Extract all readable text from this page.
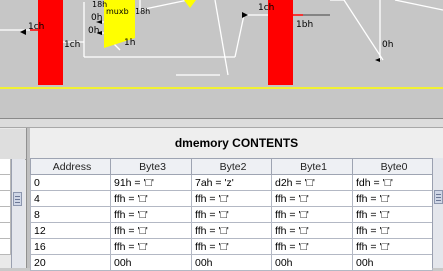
1ch
1ch
18h
0h
muxb 18h
0h
1h
1ch
1bh
0h
dmemory CONTENTS
Address	Byte3	Byte2	Byte1	Byte0
0	91h = '□'	7ah = 'z'	d2h = '□'	fdh = '□'
4	ffh = '□'	ffh = '□'	ffh = '□'	ffh = '□'
8	ffh = '□'	ffh = '□'	ffh = '□'	ffh = '□'
12	ffh = '□'	ffh = '□'	ffh = '□'	ffh = '□'
16	ffh = '□'	ffh = '□'	ffh = '□'	ffh = '□'
20	00h	00h	00h	00h
